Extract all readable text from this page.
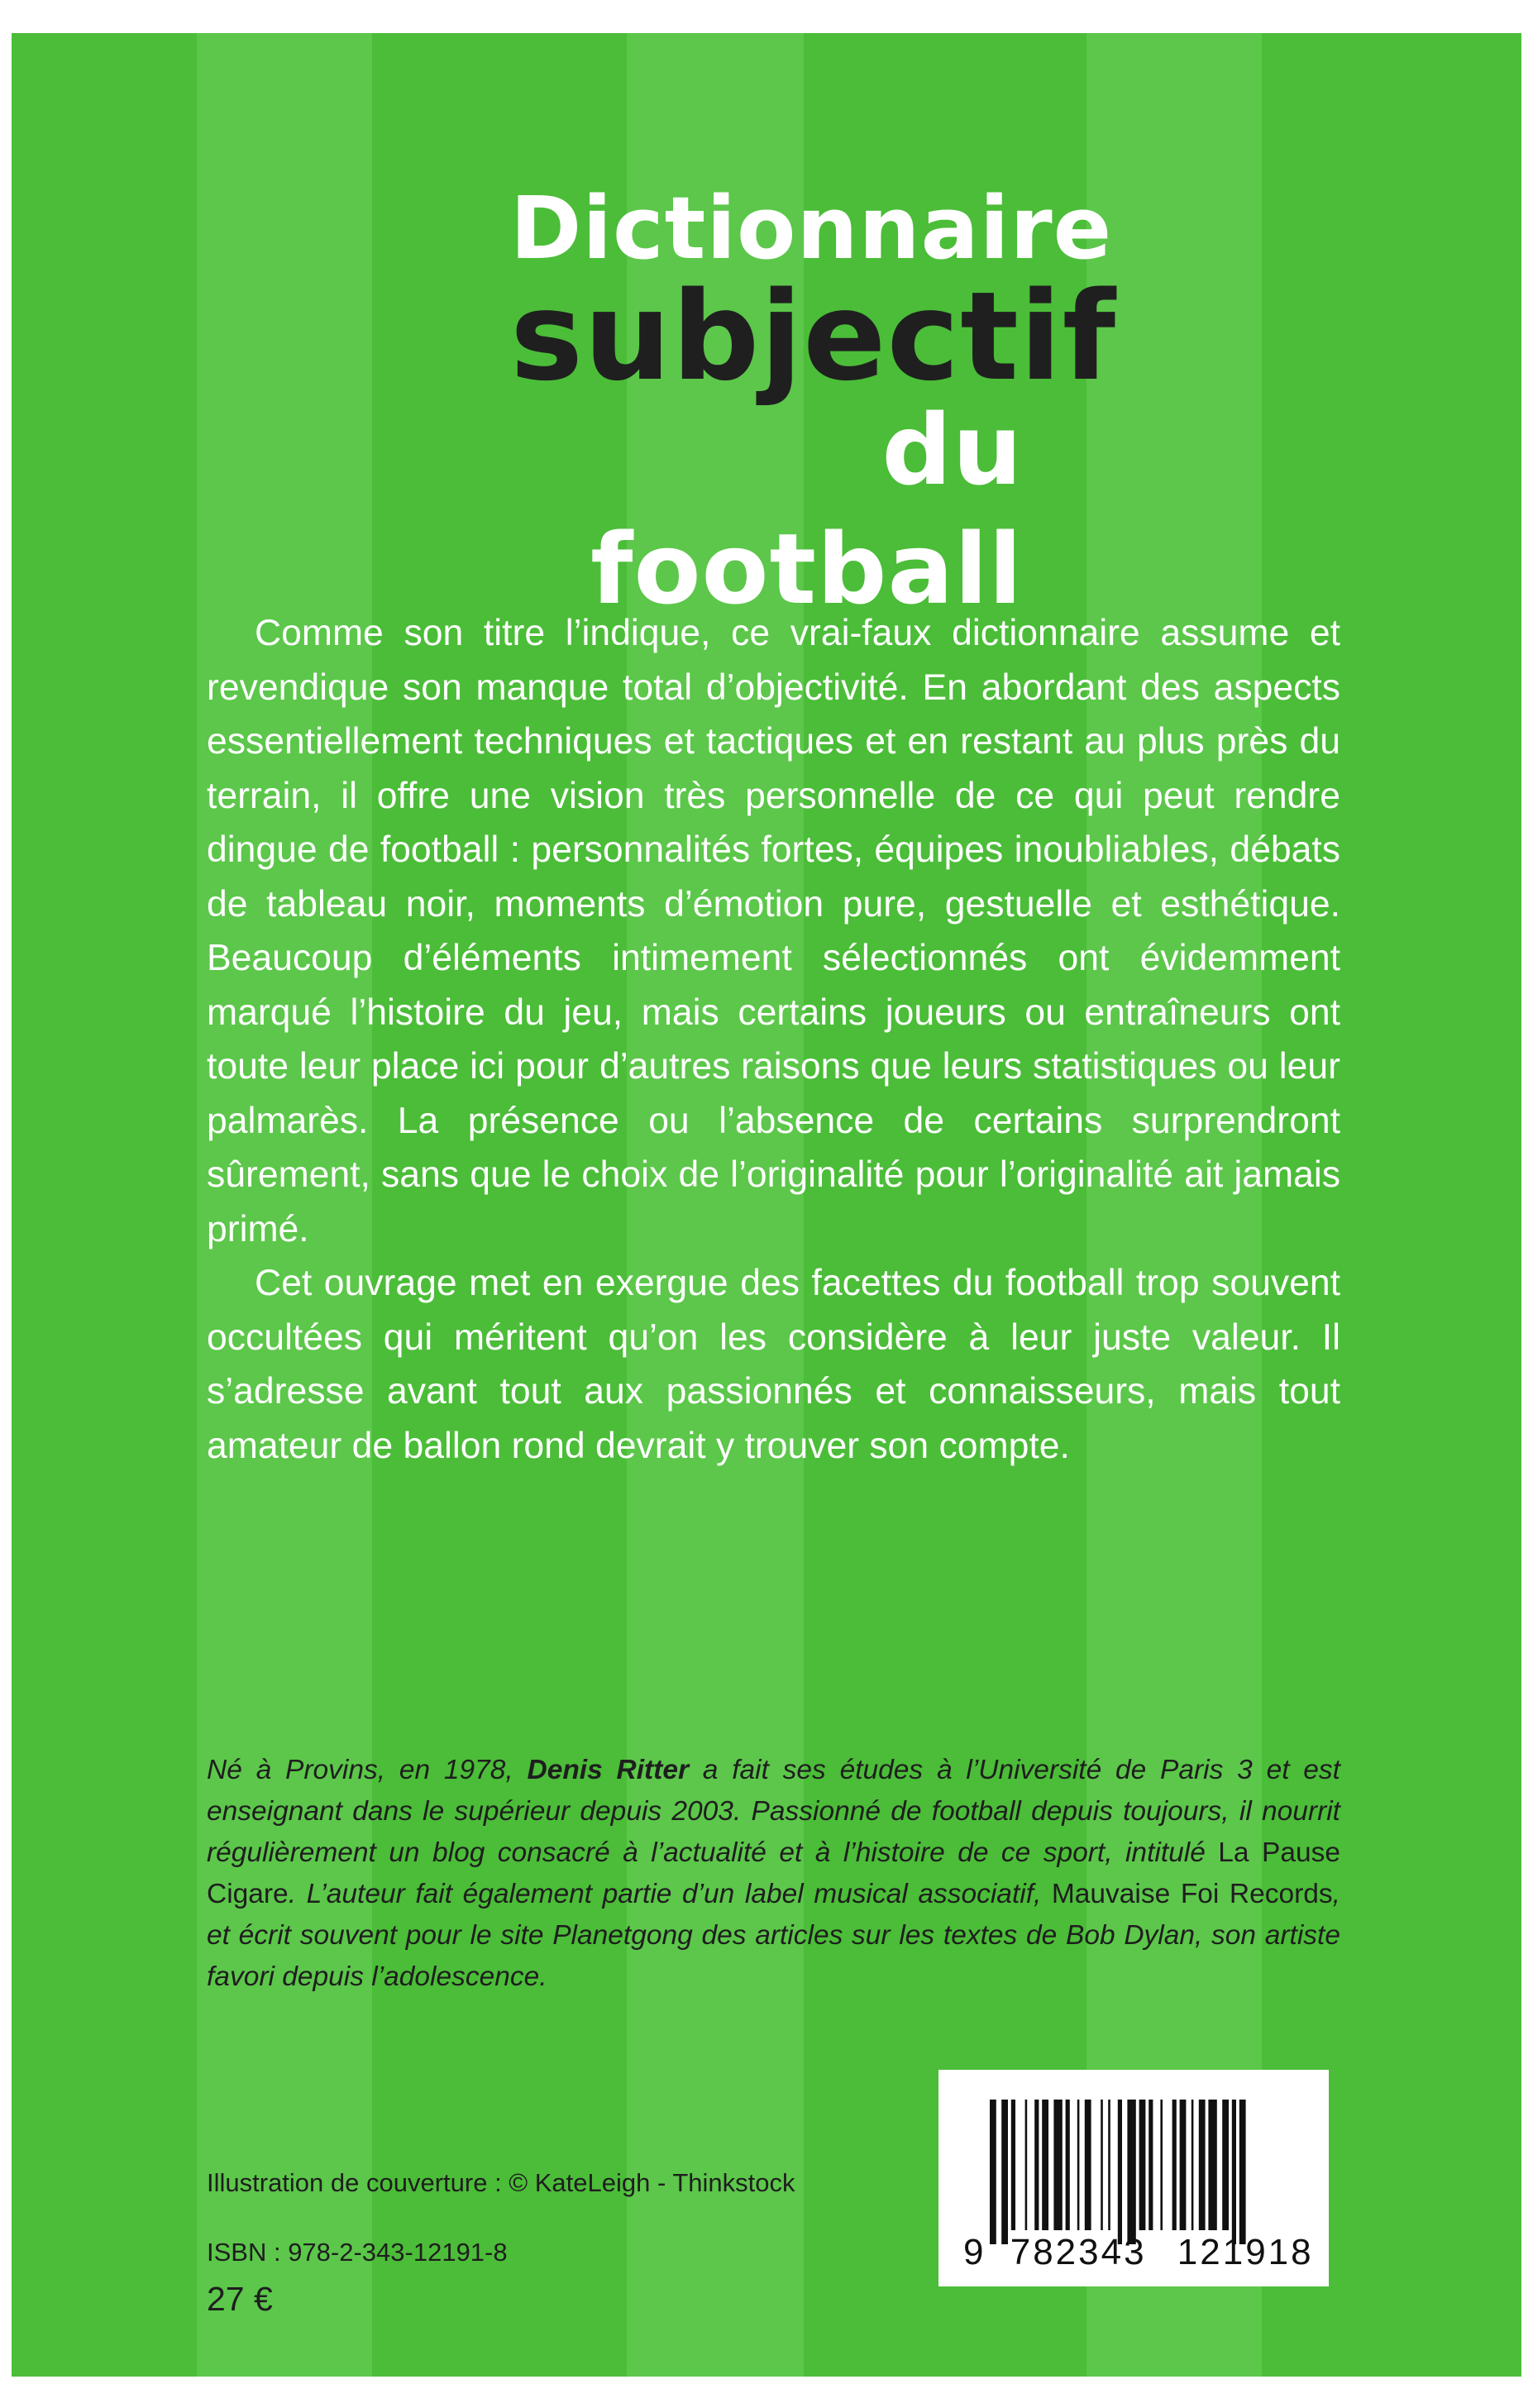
Dictionnaire
subjectif
du football

Comme son titre l’indique, ce vrai-faux dictionnaire assume et revendique son manque total d’objectivité. En abordant des aspects essentiellement techniques et tactiques et en restant au plus près du terrain, il offre une vision très personnelle de ce qui peut rendre dingue de football : personnalités fortes, équipes inoubliables, débats de tableau noir, moments d’émotion pure, gestuelle et esthétique. Beaucoup d’éléments intimement sélectionnés ont évidemment marqué l’histoire du jeu, mais certains joueurs ou entraîneurs ont toute leur place ici pour d’autres raisons que leurs statistiques ou leur palmarès. La présence ou l’absence de certains surprendront sûrement, sans que le choix de l’originalité pour l’originalité ait jamais primé.

Cet ouvrage met en exergue des facettes du football trop souvent occultées qui méritent qu’on les considère à leur juste valeur. Il s’adresse avant tout aux passionnés et connaisseurs, mais tout amateur de ballon rond devrait y trouver son compte.

Né à Provins, en 1978, Denis Ritter a fait ses études à l’Université de Paris 3 et est enseignant dans le supérieur depuis 2003. Passionné de football depuis toujours, il nourrit régulièrement un blog consacré à l’actualité et à l’histoire de ce sport, intitulé La Pause Cigare. L’auteur fait également partie d’un label musical associatif, Mauvaise Foi Records, et écrit souvent pour le site Planetgong des articles sur les textes de Bob Dylan, son artiste favori depuis l’adolescence.

Illustration de couverture : © KateLeigh - Thinkstock
ISBN : 978-2-343-12191-8
27 €
9 782343 121918
